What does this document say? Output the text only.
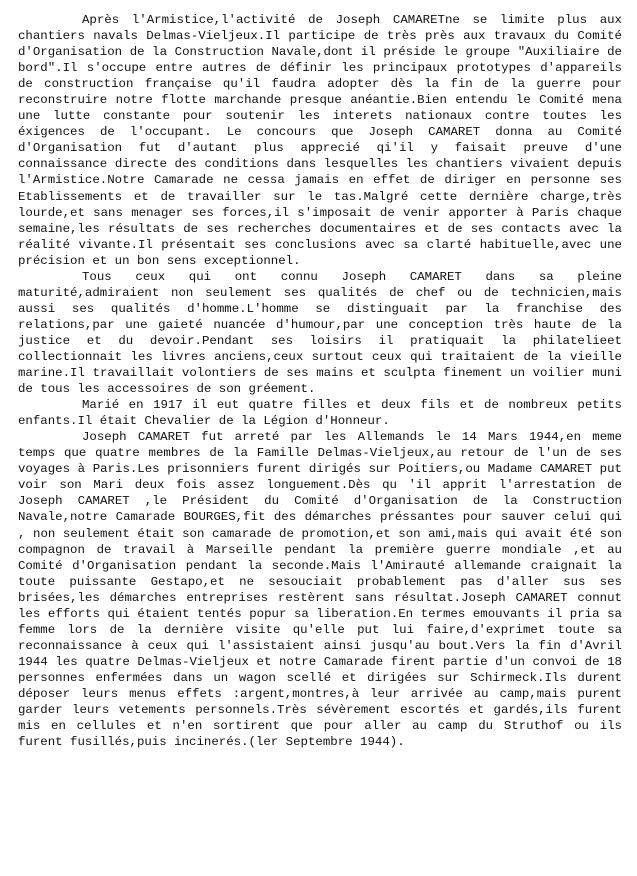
Après l'Armistice,l'activité de Joseph CAMARETne se limite plus aux chantiers navals Delmas-Vieljeux.Il participe de très près aux travaux du Comité d'Organisation de la Construction Navale,dont il préside le groupe "Auxiliaire de bord".Il s'occupe entre autres de définir les principaux prototypes d'appareils de construction française qu'il faudra adopter dès la fin de la guerre pour reconstruire notre flotte marchande presque anéantie.Bien entendu le Comité mena une lutte constante pour soutenir les interets nationaux contre toutes les éxigences de l'occupant. Le concours que Joseph CAMARET donna au Comité d'Organisation fut d'autant plus apprecié qi'il y faisait preuve d'une connaissance directe des conditions dans lesquelles les chantiers vivaient depuis l'Armistice.Notre Camarade ne cessa jamais en effet de diriger en personne ses Etablissements et de travailler sur le tas.Malgré cette dernière charge,très lourde,et sans menager ses forces,il s'imposait de venir apporter à Paris chaque semaine,les résultats de ses recherches documentaires et de ses contacts avec la réalité vivante.Il présentait ses conclusions avec sa clarté habituelle,avec une précision et un bon sens exceptionnel.

Tous ceux qui ont connu Joseph CAMARET dans sa pleine maturité,admiraient non seulement ses qualités de chef ou de technicien,mais aussi ses qualités d'homme.L'homme se distinguait par la franchise des relations,par une gaieté nuancée d'humour,par une conception très haute de la justice et du devoir.Pendant ses loisirs il pratiquait la philatelieet collectionnait les livres anciens,ceux surtout ceux qui traitaient de la vieille marine.Il travaillait volontiers de ses mains et sculpta finement un voilier muni de tous les accessoires de son gréement.

Marié en 1917 il eut quatre filles et deux fils et de nombreux petits enfants.Il était Chevalier de la Légion d'Honneur.

Joseph CAMARET fut arreté par les Allemands le 14 Mars 1944,en meme temps que quatre membres de la Famille Delmas-Vieljeux,au retour de l'un de ses voyages à Paris.Les prisonniers furent dirigés sur Poitiers,ou Madame CAMARET put voir son Mari deux fois assez longuement.Dès qu 'il apprit l'arrestation de Joseph CAMARET ,le Président du Comité d'Organisation de la Construction Navale,notre Camarade BOURGES,fit des démarches préssantes pour sauver celui qui , non seulement était son camarade de promotion,et son ami,mais qui avait été son compagnon de travail à Marseille pendant la première guerre mondiale ,et au Comité d'Organisation pendant la seconde.Mais l'Amirauté allemande craignait la toute puissante Gestapo,et ne sesouciait probablement pas d'aller sus ses brisées,les démarches entreprises restèrent sans résultat.Joseph CAMARET connut les efforts qui étaient tentés popur sa liberation.En termes emouvants il pria sa femme lors de la dernière visite qu'elle put lui faire,d'exprimet toute sa reconnaissance à ceux qui l'assistaient ainsi jusqu'au bout.Vers la fin d'Avril 1944 les quatre Delmas-Vieljeux et notre Camarade firent partie d'un convoi de 18 personnes enfermées dans un wagon scellé et dirigées sur Schirmeck.Ils durent déposer leurs menus effets :argent,montres,à leur arrivée au camp,mais purent garder leurs vetements personnels.Très sévèrement escortés et gardés,ils furent mis en cellules et n'en sortirent que pour aller au camp du Struthof ou ils furent fusillés,puis incinerés.(ler Septembre 1944).
